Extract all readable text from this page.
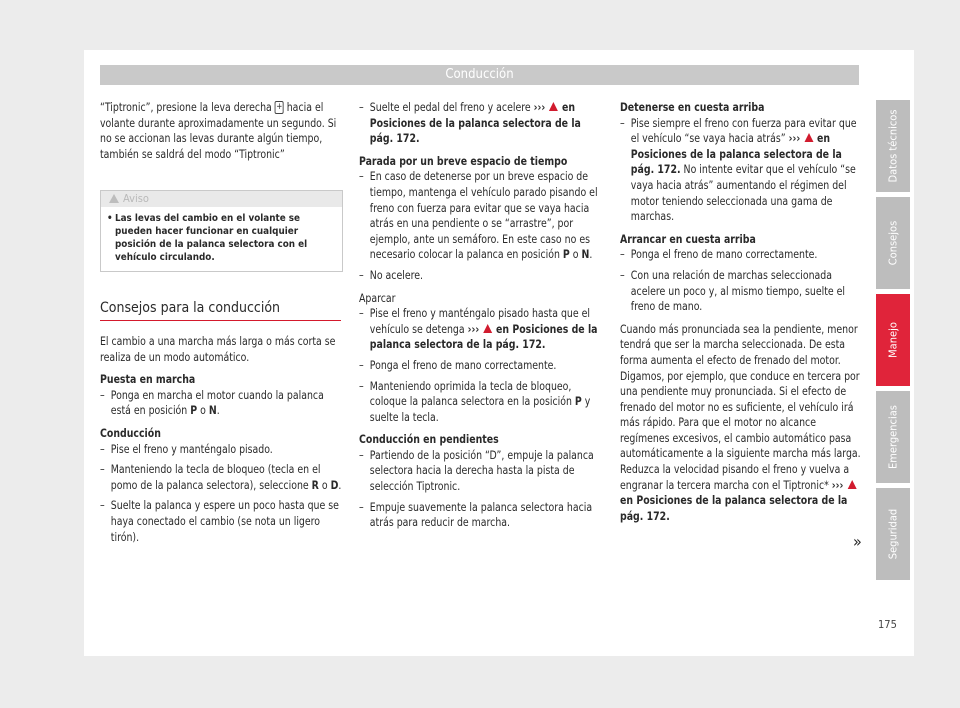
Conducción

“Tiptronic”, presione la leva derecha + hacia el volante durante aproximadamente un segundo. Si no se accionan las levas durante algún tiempo, también se saldrá del modo “Tiptronic”

Aviso
• Las levas del cambio en el volante se pueden hacer funcionar en cualquier posición de la palanca selectora con el vehículo circulando.
Consejos para la conducción

El cambio a una marcha más larga o más corta se realiza de un modo automático.

Puesta en marcha

– Ponga en marcha el motor cuando la palanca está en posición P o N.

Conducción

– Pise el freno y manténgalo pisado.

– Manteniendo la tecla de bloqueo (tecla en el pomo de la palanca selectora), seleccione R o D.

– Suelte la palanca y espere un poco hasta que se haya conectado el cambio (se nota un ligero tirón).

– Suelte el pedal del freno y acelere ››› en Posiciones de la palanca selectora de la pág. 172.

Parada por un breve espacio de tiempo

– En caso de detenerse por un breve espacio de tiempo, mantenga el vehículo parado pisando el freno con fuerza para evitar que se vaya hacia atrás en una pendiente o se “arrastre”, por ejemplo, ante un semáforo. En este caso no es necesario colocar la palanca en posición P o N.

– No acelere.

Aparcar

– Pise el freno y manténgalo pisado hasta que el vehículo se detenga ››› en Posiciones de la palanca selectora de la pág. 172.

– Ponga el freno de mano correctamente.

– Manteniendo oprimida la tecla de bloqueo, coloque la palanca selectora en la posición P y suelte la tecla.

Conducción en pendientes

– Partiendo de la posición “D”, empuje la palanca selectora hacia la derecha hasta la pista de selección Tiptronic.

– Empuje suavemente la palanca selectora hacia atrás para reducir de marcha.

Detenerse en cuesta arriba

– Pise siempre el freno con fuerza para evitar que el vehículo “se vaya hacia atrás” ››› en Posiciones de la palanca selectora de la pág. 172. No intente evitar que el vehículo “se vaya hacia atrás” aumentando el régimen del motor teniendo seleccionada una gama de marchas.

Arrancar en cuesta arriba

– Ponga el freno de mano correctamente.

– Con una relación de marchas seleccionada acelere un poco y, al mismo tiempo, suelte el freno de mano.

Cuando más pronunciada sea la pendiente, menor tendrá que ser la marcha seleccionada. De esta forma aumenta el efecto de frenado del motor. Digamos, por ejemplo, que conduce en tercera por una pendiente muy pronunciada. Si el efecto de frenado del motor no es suficiente, el vehículo irá más rápido. Para que el motor no alcance regímenes excesivos, el cambio automático pasa automáticamente a la siguiente marcha más larga. Reduzca la velocidad pisando el freno y vuelva a engranar la tercera marcha con el Tiptronic* ›››  en Posiciones de la palanca selectora de la pág. 172.

»
Datos técnicos
Consejos
Manejo
Emergencias
Seguridad
175
